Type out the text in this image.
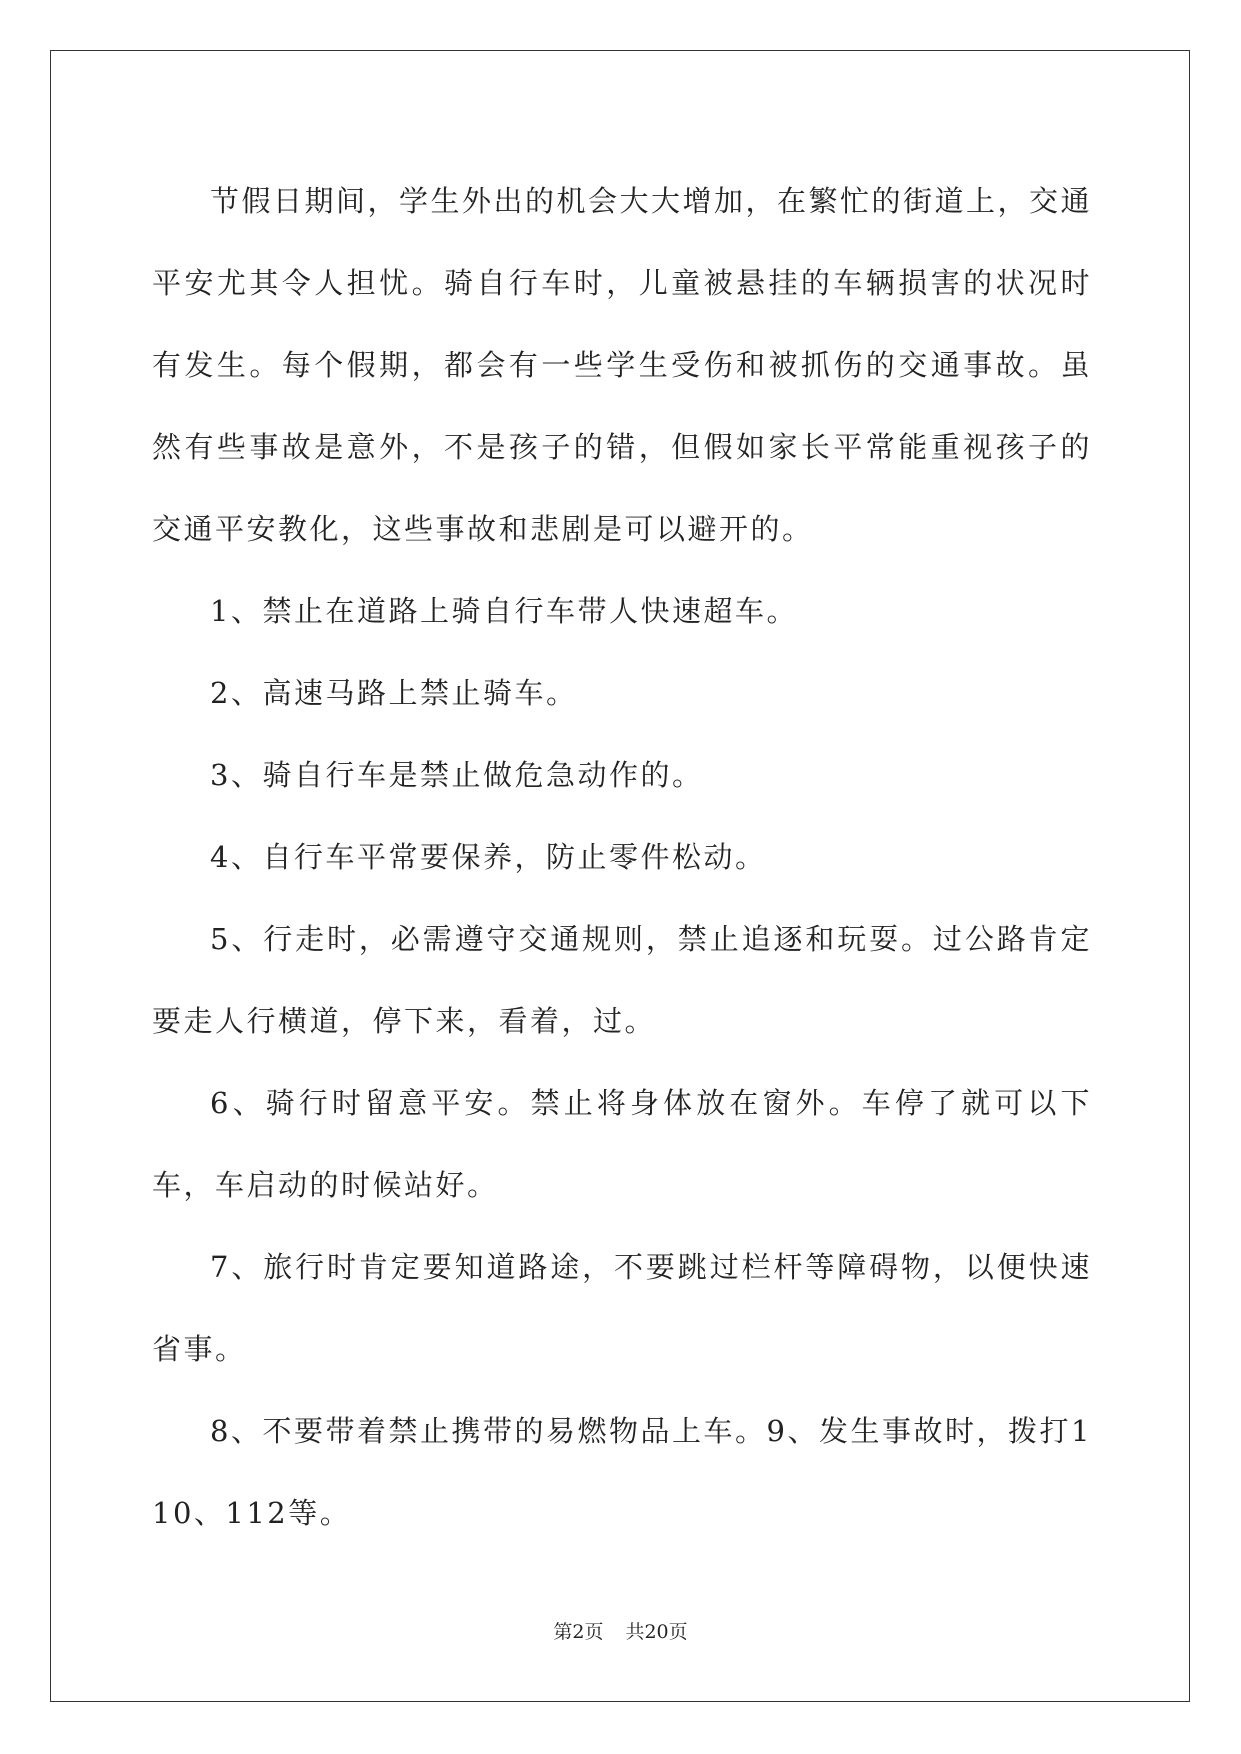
节假日期间，学生外出的机会大大增加，在繁忙的街道上，交通平安尤其令人担忧。骑自行车时，儿童被悬挂的车辆损害的状况时有发生。每个假期，都会有一些学生受伤和被抓伤的交通事故。虽然有些事故是意外，不是孩子的错，但假如家长平常能重视孩子的交通平安教化，这些事故和悲剧是可以避开的。

1、禁止在道路上骑自行车带人快速超车。

2、高速马路上禁止骑车。

3、骑自行车是禁止做危急动作的。

4、自行车平常要保养，防止零件松动。

5、行走时，必需遵守交通规则，禁止追逐和玩耍。过公路肯定要走人行横道，停下来，看着，过。

6、骑行时留意平安。禁止将身体放在窗外。车停了就可以下车，车启动的时候站好。

7、旅行时肯定要知道路途，不要跳过栏杆等障碍物，以便快速省事。

8、不要带着禁止携带的易燃物品上车。9、发生事故时，拨打110、112等。

第2页 共20页
